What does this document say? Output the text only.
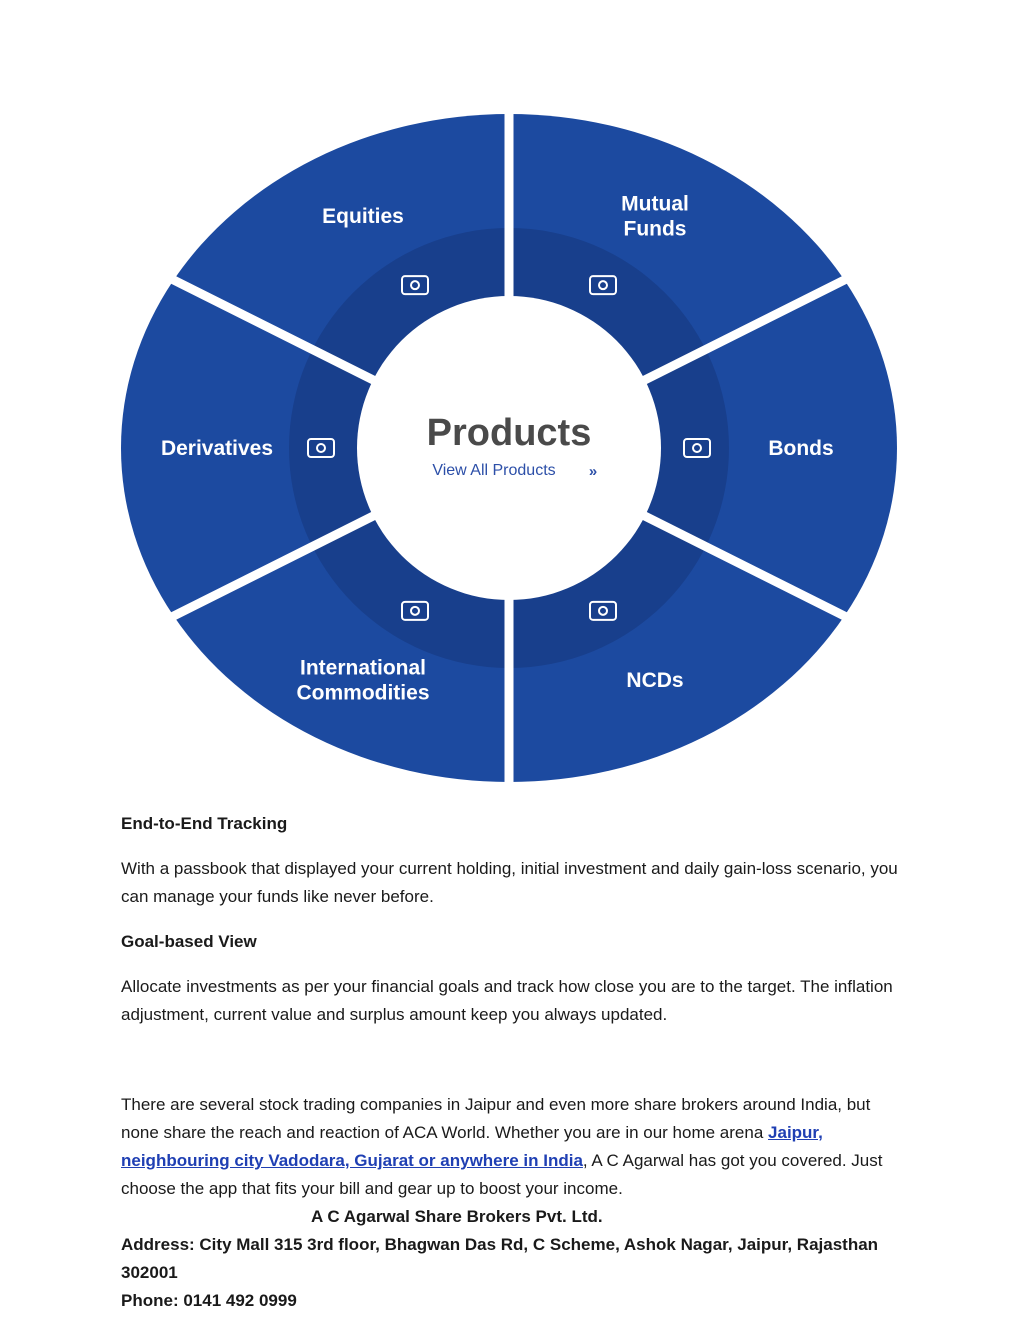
Products
View All Products »
Mutual Funds
Bonds
NCDs
International Commodities
Derivatives
Equities

End-to-End Tracking

With a passbook that displayed your current holding, initial investment and daily gain-loss scenario, you can manage your funds like never before.

Goal-based View

Allocate investments as per your financial goals and track how close you are to the target. The inflation adjustment, current value and surplus amount keep you always updated.

There are several stock trading companies in Jaipur and even more share brokers around India, but none share the reach and reaction of ACA World. Whether you are in our home arena Jaipur, neighbouring city Vadodara, Gujarat or anywhere in India, A C Agarwal has got you covered. Just choose the app that fits your bill and gear up to boost your income.

A C Agarwal Share Brokers Pvt. Ltd.

Address: City Mall 315 3rd floor, Bhagwan Das Rd, C Scheme, Ashok Nagar, Jaipur, Rajasthan 302001

Phone: 0141 492 0999
